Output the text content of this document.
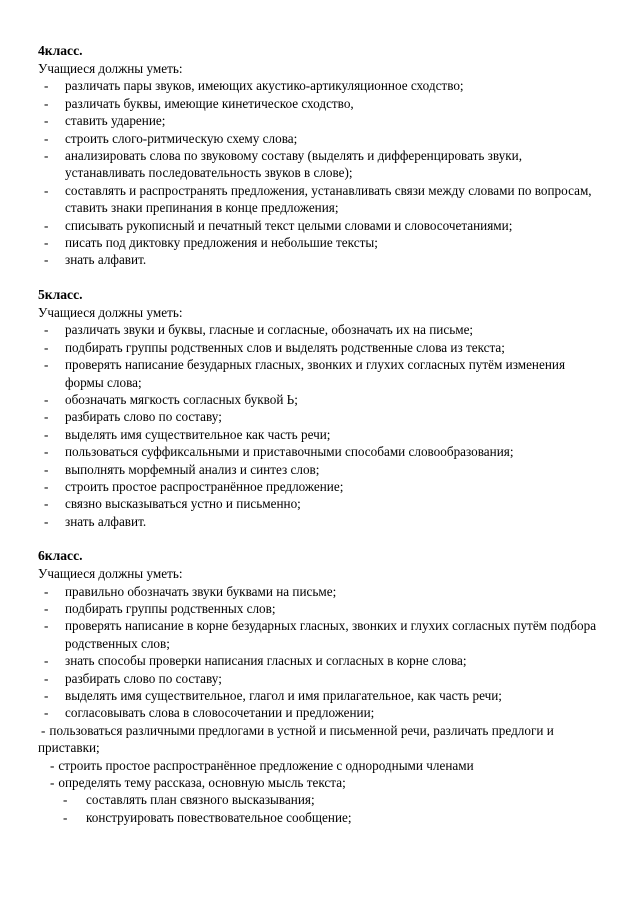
4класс.

Учащиеся должны уметь:

- различать пары звуков, имеющих акустико-артикуляционное сходство;
- различать буквы, имеющие кинетическое сходство,
- ставить ударение;
- строить слого-ритмическую схему слова;
- анализировать слова по звуковому составу (выделять и дифференцировать звуки, устанавливать последовательность звуков в слове);
- составлять и распространять предложения, устанавливать связи между словами по вопросам, ставить знаки препинания в конце предложения;
- списывать рукописный и печатный текст целыми словами и словосочетаниями;
- писать под диктовку предложения и небольшие тексты;
- знать алфавит.

5класс.

Учащиеся должны уметь:

- различать звуки и буквы, гласные и согласные, обозначать их на письме;
- подбирать группы родственных слов и выделять родственные слова из текста;
- проверять написание безударных гласных, звонких и глухих согласных путём изменения формы слова;
- обозначать мягкость согласных буквой Ь;
- разбирать слово по составу;
- выделять имя существительное как часть речи;
- пользоваться суффиксальными и приставочными способами словообразования;
- выполнять морфемный анализ и синтез слов;
- строить простое распространённое предложение;
- связно высказываться устно и письменно;
- знать алфавит.

6класс.

Учащиеся должны уметь:

- правильно обозначать звуки буквами на письме;
- подбирать группы родственных слов;
- проверять написание в корне безударных гласных, звонких и глухих согласных путём подбора родственных слов;
- знать способы проверки написания гласных и согласных в корне слова;
- разбирать слово по составу;
- выделять имя существительное, глагол и имя прилагательное, как часть речи;
- согласовывать слова в словосочетании и предложении;
- пользоваться различными предлогами в устной и письменной речи, различать предлоги и приставки;
- строить простое распространённое предложение с однородными членами
- определять тему рассказа, основную мысль текста;
- составлять план связного высказывания;
- конструировать повествовательное сообщение;
